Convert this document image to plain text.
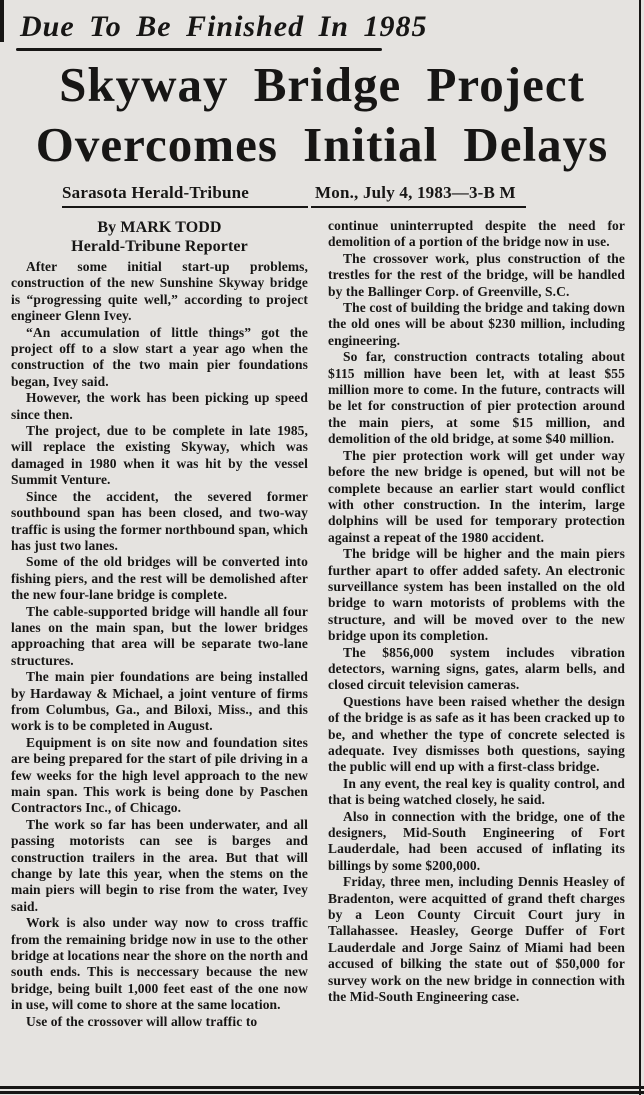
Due To Be Finished In 1985
Skyway Bridge Project
Overcomes Initial Delays
Sarasota Herald-Tribune	Mon., July 4, 1983—3-B M
By MARK TODD
Herald-Tribune Reporter

After some initial start-up problems, construction of the new Sunshine Skyway bridge is “progressing quite well,” according to project engineer Glenn Ivey.

“An accumulation of little things” got the project off to a slow start a year ago when the construction of the two main pier foundations began, Ivey said.

However, the work has been picking up speed since then.

The project, due to be complete in late 1985, will replace the existing Skyway, which was damaged in 1980 when it was hit by the vessel Summit Venture.

Since the accident, the severed former southbound span has been closed, and two-way traffic is using the former northbound span, which has just two lanes.

Some of the old bridges will be converted into fishing piers, and the rest will be demolished after the new four-lane bridge is complete.

The cable-supported bridge will handle all four lanes on the main span, but the lower bridges approaching that area will be separate two-lane structures.

The main pier foundations are being installed by Hardaway & Michael, a joint venture of firms from Columbus, Ga., and Biloxi, Miss., and this work is to be completed in August.

Equipment is on site now and foundation sites are being prepared for the start of pile driving in a few weeks for the high level approach to the new main span. This work is being done by Paschen Contractors Inc., of Chicago.

The work so far has been underwater, and all passing motorists can see is barges and construction trailers in the area. But that will change by late this year, when the stems on the main piers will begin to rise from the water, Ivey said.

Work is also under way now to cross traffic from the remaining bridge now in use to the other bridge at locations near the shore on the north and south ends. This is neccessary because the new bridge, being built 1,000 feet east of the one now in use, will come to shore at the same location.

Use of the crossover will allow traffic to

continue uninterrupted despite the need for demolition of a portion of the bridge now in use.

The crossover work, plus construction of the trestles for the rest of the bridge, will be handled by the Ballinger Corp. of Greenville, S.C.

The cost of building the bridge and taking down the old ones will be about $230 million, including engineering.

So far, construction contracts totaling about $115 million have been let, with at least $55 million more to come. In the future, contracts will be let for construction of pier protection around the main piers, at some $15 million, and demolition of the old bridge, at some $40 million.

The pier protection work will get under way before the new bridge is opened, but will not be complete because an earlier start would conflict with other construction. In the interim, large dolphins will be used for temporary protection against a repeat of the 1980 accident.

The bridge will be higher and the main piers further apart to offer added safety. An electronic surveillance system has been installed on the old bridge to warn motorists of problems with the structure, and will be moved over to the new bridge upon its completion.

The $856,000 system includes vibration detectors, warning signs, gates, alarm bells, and closed circuit television cameras.

Questions have been raised whether the design of the bridge is as safe as it has been cracked up to be, and whether the type of concrete selected is adequate. Ivey dismisses both questions, saying the public will end up with a first-class bridge.

In any event, the real key is quality control, and that is being watched closely, he said.

Also in connection with the bridge, one of the designers, Mid-South Engineering of Fort Lauderdale, had been accused of inflating its billings by some $200,000.

Friday, three men, including Dennis Heasley of Bradenton, were acquitted of grand theft charges by a Leon County Circuit Court jury in Tallahassee. Heasley, George Duffer of Fort Lauderdale and Jorge Sainz of Miami had been accused of bilking the state out of $50,000 for survey work on the new bridge in connection with the Mid-South Engineering case.
